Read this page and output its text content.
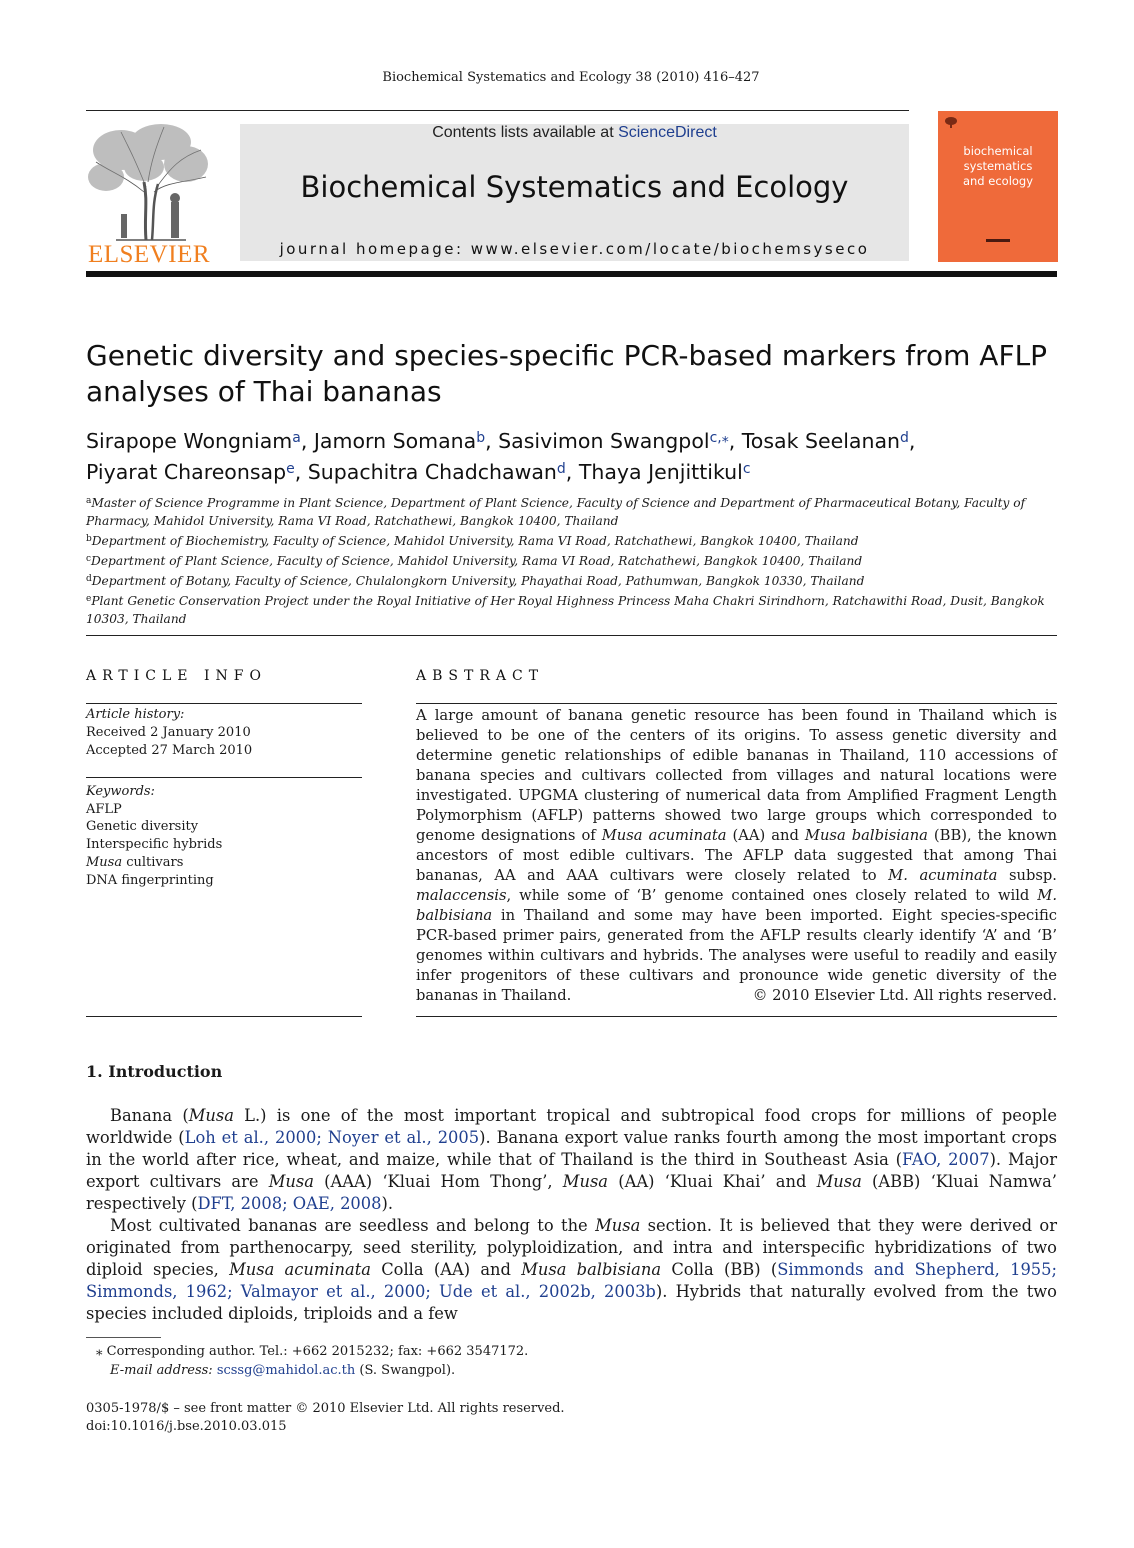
Biochemical Systematics and Ecology 38 (2010) 416–427
ELSEVIER
Contents lists available at ScienceDirect
Biochemical Systematics and Ecology
journal homepage: www.elsevier.com/locate/biochemsyseco
biochemical
systematics
and ecology
Genetic diversity and species-specific PCR-based markers from AFLP analyses of Thai bananas
Sirapope Wongniam$^a$, Jamorn Somana$^b$, Sasivimon Swangpol$^{c,⁎}$, Tosak Seelanan$^d$,
Piyarat Chareonsap$^e$, Supachitra Chadchawan$^d$, Thaya Jenjittikul$^c$
$^a$Master of Science Programme in Plant Science, Department of Plant Science, Faculty of Science and Department of Pharmaceutical Botany, Faculty of Pharmacy, Mahidol University, Rama VI Road, Ratchathewi, Bangkok 10400, Thailand
$^b$Department of Biochemistry, Faculty of Science, Mahidol University, Rama VI Road, Ratchathewi, Bangkok 10400, Thailand
$^c$Department of Plant Science, Faculty of Science, Mahidol University, Rama VI Road, Ratchathewi, Bangkok 10400, Thailand
$^d$Department of Botany, Faculty of Science, Chulalongkorn University, Phayathai Road, Pathumwan, Bangkok 10330, Thailand
$^e$Plant Genetic Conservation Project under the Royal Initiative of Her Royal Highness Princess Maha Chakri Sirindhorn, Ratchawithi Road, Dusit, Bangkok 10303, Thailand
ARTICLE INFO
Article history:
Received 2 January 2010
Accepted 27 March 2010
Keywords:
AFLP
Genetic diversity
Interspecific hybrids
Musa cultivars
DNA fingerprinting
ABSTRACT
A large amount of banana genetic resource has been found in Thailand which is believed to be one of the centers of its origins. To assess genetic diversity and determine genetic relationships of edible bananas in Thailand, 110 accessions of banana species and cultivars collected from villages and natural locations were investigated. UPGMA clustering of numerical data from Amplified Fragment Length Polymorphism (AFLP) patterns showed two large groups which corresponded to genome designations of Musa acuminata (AA) and Musa balbisiana (BB), the known ancestors of most edible cultivars. The AFLP data suggested that among Thai bananas, AA and AAA cultivars were closely related to M. acuminata subsp. malaccensis, while some of ‘B’ genome contained ones closely related to wild M. balbisiana in Thailand and some may have been imported. Eight species-specific PCR-based primer pairs, generated from the AFLP results clearly identify ‘A’ and ‘B’ genomes within cultivars and hybrids. The analyses were useful to readily and easily infer progenitors of these cultivars and pronounce wide genetic diversity of the bananas in Thailand.	© 2010 Elsevier Ltd. All rights reserved.
1. Introduction

Banana (Musa L.) is one of the most important tropical and subtropical food crops for millions of people worldwide (Loh et al., 2000; Noyer et al., 2005). Banana export value ranks fourth among the most important crops in the world after rice, wheat, and maize, while that of Thailand is the third in Southeast Asia (FAO, 2007). Major export cultivars are Musa (AAA) ‘Kluai Hom Thong’, Musa (AA) ‘Kluai Khai’ and Musa (ABB) ‘Kluai Namwa’ respectively (DFT, 2008; OAE, 2008).

Most cultivated bananas are seedless and belong to the Musa section. It is believed that they were derived or originated from parthenocarpy, seed sterility, polyploidization, and intra and interspecific hybridizations of two diploid species, Musa acuminata Colla (AA) and Musa balbisiana Colla (BB) (Simmonds and Shepherd, 1955; Simmonds, 1962; Valmayor et al., 2000; Ude et al., 2002b, 2003b). Hybrids that naturally evolved from the two species included diploids, triploids and a few

⁎ Corresponding author. Tel.: +662 2015232; fax: +662 3547172.
E-mail address: scssg@mahidol.ac.th (S. Swangpol).
0305-1978/$ – see front matter © 2010 Elsevier Ltd. All rights reserved.
doi:10.1016/j.bse.2010.03.015
